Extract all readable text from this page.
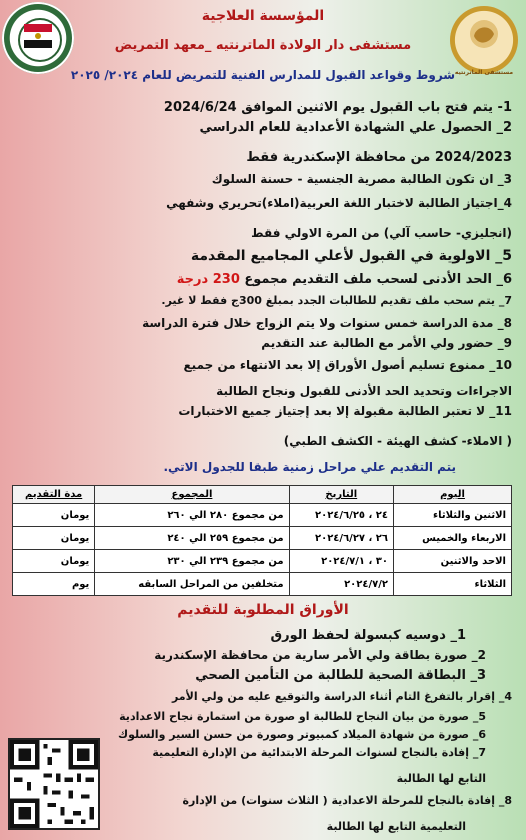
مستشفى الماترنتيه
المؤسسة العلاجية
مستشفى دار الولادة الماترنتيه _معهد التمريض
شروط وقواعد القبول للمدارس الفنية للتمريض للعام ٢٠٢٤/ ٢٠٢٥
1- يتم فتح باب القبول يوم الاثنين الموافق 2024/6/24
2_ الحصول علي الشهادة الأعدادية للعام الدراسي
2024/2023 من محافظة الإسكندرية فقط
3_ ان تكون الطالبة مصرية الجنسية - حسنة السلوك
4_اجتياز الطالبة لاختبار اللغة العربية(املاء)تحريري وشفهي
(انجليزي- حاسب آلي) من المرة الاولي فقط
5_ الاولوية في القبول لأعلي المجاميع المقدمة
6_ الحد الأدنى لسحب ملف التقديم مجموع 230 درجة
7_ يتم سحب ملف تقديم للطالبات الجدد بمبلغ 300ج فقط لا غير.
8_ مدة الدراسة خمس سنوات ولا يتم الزواج خلال فترة الدراسة
9_ حضور ولي الأمر مع الطالبة عند التقديم
10_ ممنوع تسليم أصول الأوراق إلا بعد الانتهاء من جميع
الاجراءات وتحديد الحد الأدنى للقبول ونجاح الطالبة
11_ لا تعتبر الطالبة مقبولة إلا بعد إجتياز جميع الاختبارات
( الاملاء- كشف الهيئة - الكشف الطبي)
يتم التقديم علي مراحل زمنية طبقا للجدول الاتي.
اليوم	التاريخ	المجموع	مدة التقديم
الاثنين والثلاثاء	٢٤ ، ٢٠٢٤/٦/٢٥	من مجموع ٢٨٠ الي ٢٦٠	يومان
الاربعاء والخميس	٢٦ ، ٢٠٢٤/٦/٢٧	من مجموع ٢٥٩ الي ٢٤٠	يومان
الاحد والاثنين	٣٠ ، ٢٠٢٤/٧/١	من مجموع ٢٣٩ الي ٢٣٠	يومان
الثلاثاء	٢٠٢٤/٧/٢	متخلفين من المراحل السابقه	يوم
الأوراق المطلوبة للتقديم
1_ دوسيه كبسولة لحفظ الورق
2_ صورة بطاقة ولي الأمر سارية من محافظة الإسكندرية
3_ البطاقة الصحية للطالبة من التأمين الصحي
4_ إقرار بالتفرغ التام أثناء الدراسة والتوقيع عليه من ولي الأمر
5_ صورة من بيان النجاح للطالبة او صورة من استمارة نجاح الاعدادية
6_ صورة من شهادة الميلاد كمبيوتر وصورة من حسن السير والسلوك
7_ إفادة بالنجاح لسنوات المرحلة الابتدائية من الإدارة التعليمية
التابع لها الطالبة
8_ إفادة بالنجاح للمرحلة الاعدادية ( الثلاث سنوات) من الإدارة
التعليمية التابع لها الطالبة
